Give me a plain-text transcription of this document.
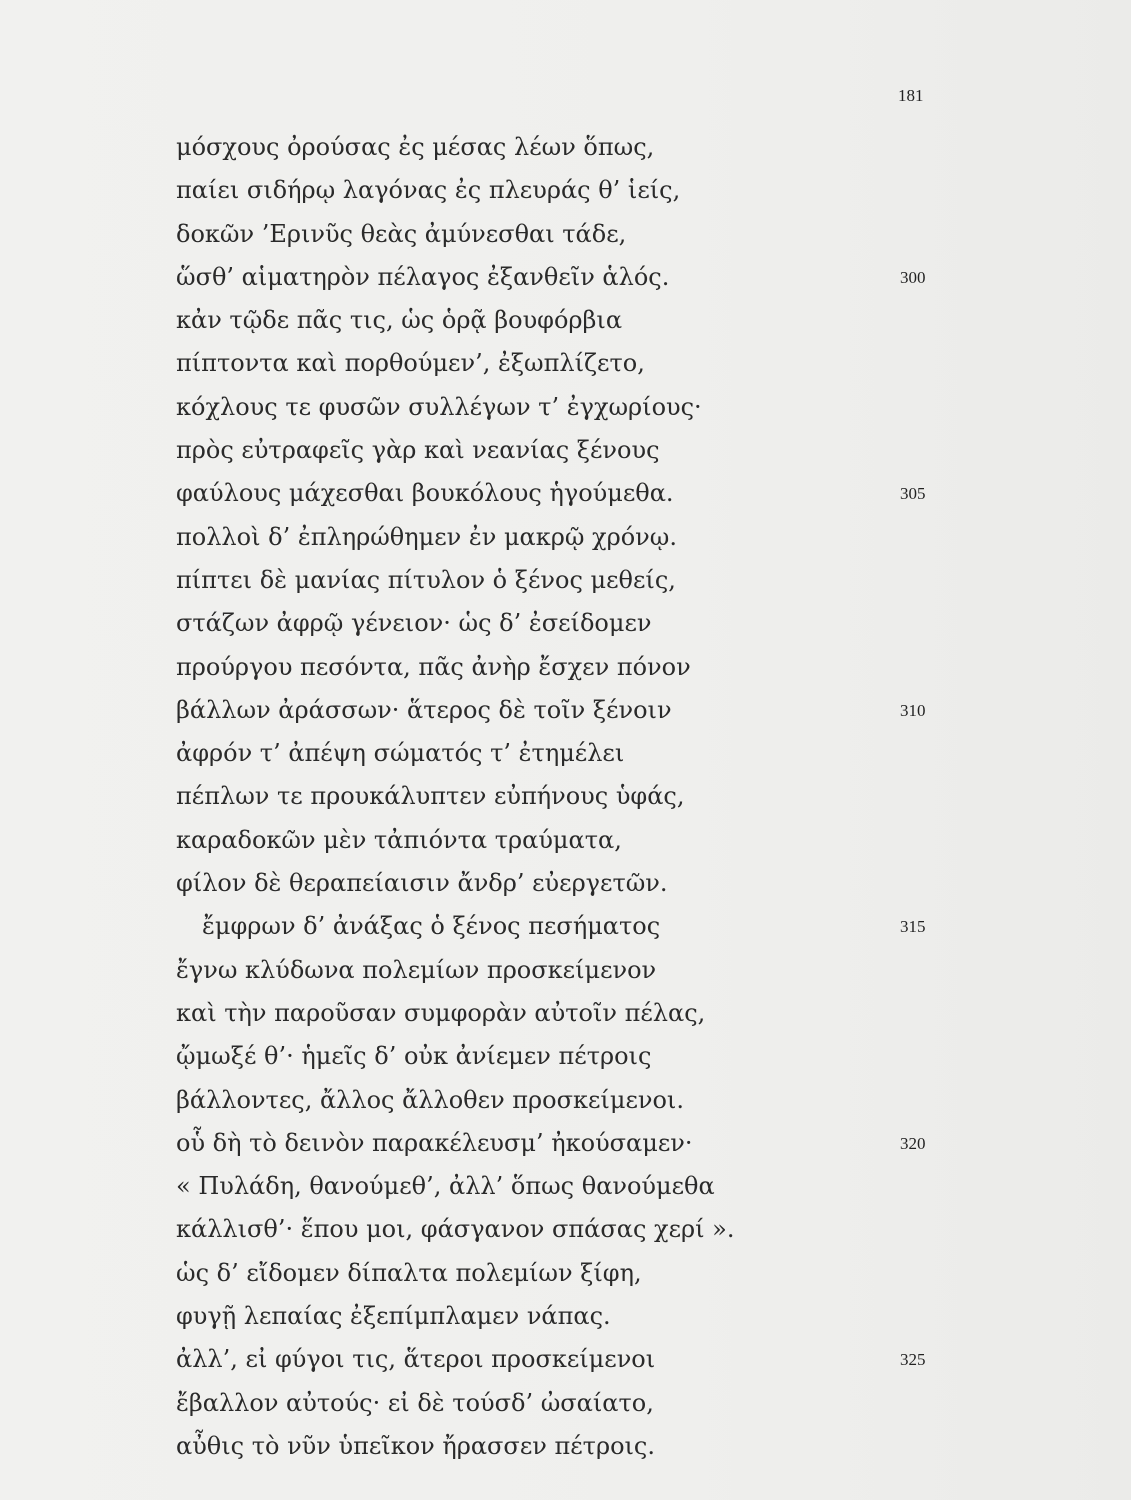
181
μόσχους ὀρούσας ἐς μέσας λέων ὅπως,
παίει σιδήρῳ λαγόνας ἐς πλευράς θ’ ἱείς,
δοκῶν ’Ερινῦς θεὰς ἀμύνεσθαι τάδε,
ὥσθ’ αἱματηρὸν πέλαγος ἐξανθεῖν ἁλός.	300
κἀν τῷδε πᾶς τις, ὡς ὁρᾷ βουφόρβια
πίπτοντα καὶ πορθούμεν’, ἐξωπλίζετο,
κόχλους τε φυσῶν συλλέγων τ’ ἐγχωρίους·
πρὸς εὐτραφεῖς γὰρ καὶ νεανίας ξένους
φαύλους μάχεσθαι βουκόλους ἡγούμεθα.	305
πολλοὶ δ’ ἐπληρώθημεν ἐν μακρῷ χρόνῳ.
πίπτει δὲ μανίας πίτυλον ὁ ξένος μεθείς,
στάζων ἀφρῷ γένειον· ὡς δ’ ἐσείδομεν
προύργου πεσόντα, πᾶς ἀνὴρ ἔσχεν πόνον
βάλλων ἀράσσων· ἅτερος δὲ τοῖν ξένοιν	310
ἀφρόν τ’ ἀπέψη σώματός τ’ ἐτημέλει
πέπλων τε προυκάλυπτεν εὐπήνους ὑφάς,
καραδοκῶν μὲν τἀπιόντα τραύματα,
φίλον δὲ θεραπείαισιν ἄνδρ’ εὐεργετῶν.
ἔμφρων δ’ ἀνάξας ὁ ξένος πεσήματος	315
ἔγνω κλύδωνα πολεμίων προσκείμενον
καὶ τὴν παροῦσαν συμφορὰν αὐτοῖν πέλας,
ᾤμωξέ θ’· ἡμεῖς δ’ οὐκ ἀνίεμεν πέτροις
βάλλοντες, ἄλλος ἄλλοθεν προσκείμενοι.
οὗ δὴ τὸ δεινὸν παρακέλευσμ’ ἠκούσαμεν·	320
« Πυλάδη, θανούμεθ’, ἀλλ’ ὅπως θανούμεθα
κάλλισθ’· ἕπου μοι, φάσγανον σπάσας χερί ».
ὡς δ’ εἴδομεν δίπαλτα πολεμίων ξίφη,
φυγῇ λεπαίας ἐξεπίμπλαμεν νάπας.
ἀλλ’, εἰ φύγοι τις, ἅτεροι προσκείμενοι	325
ἔβαλλον αὐτούς· εἰ δὲ τούσδ’ ὠσαίατο,
αὖθις τὸ νῦν ὑπεῖκον ἤρασσεν πέτροις.
